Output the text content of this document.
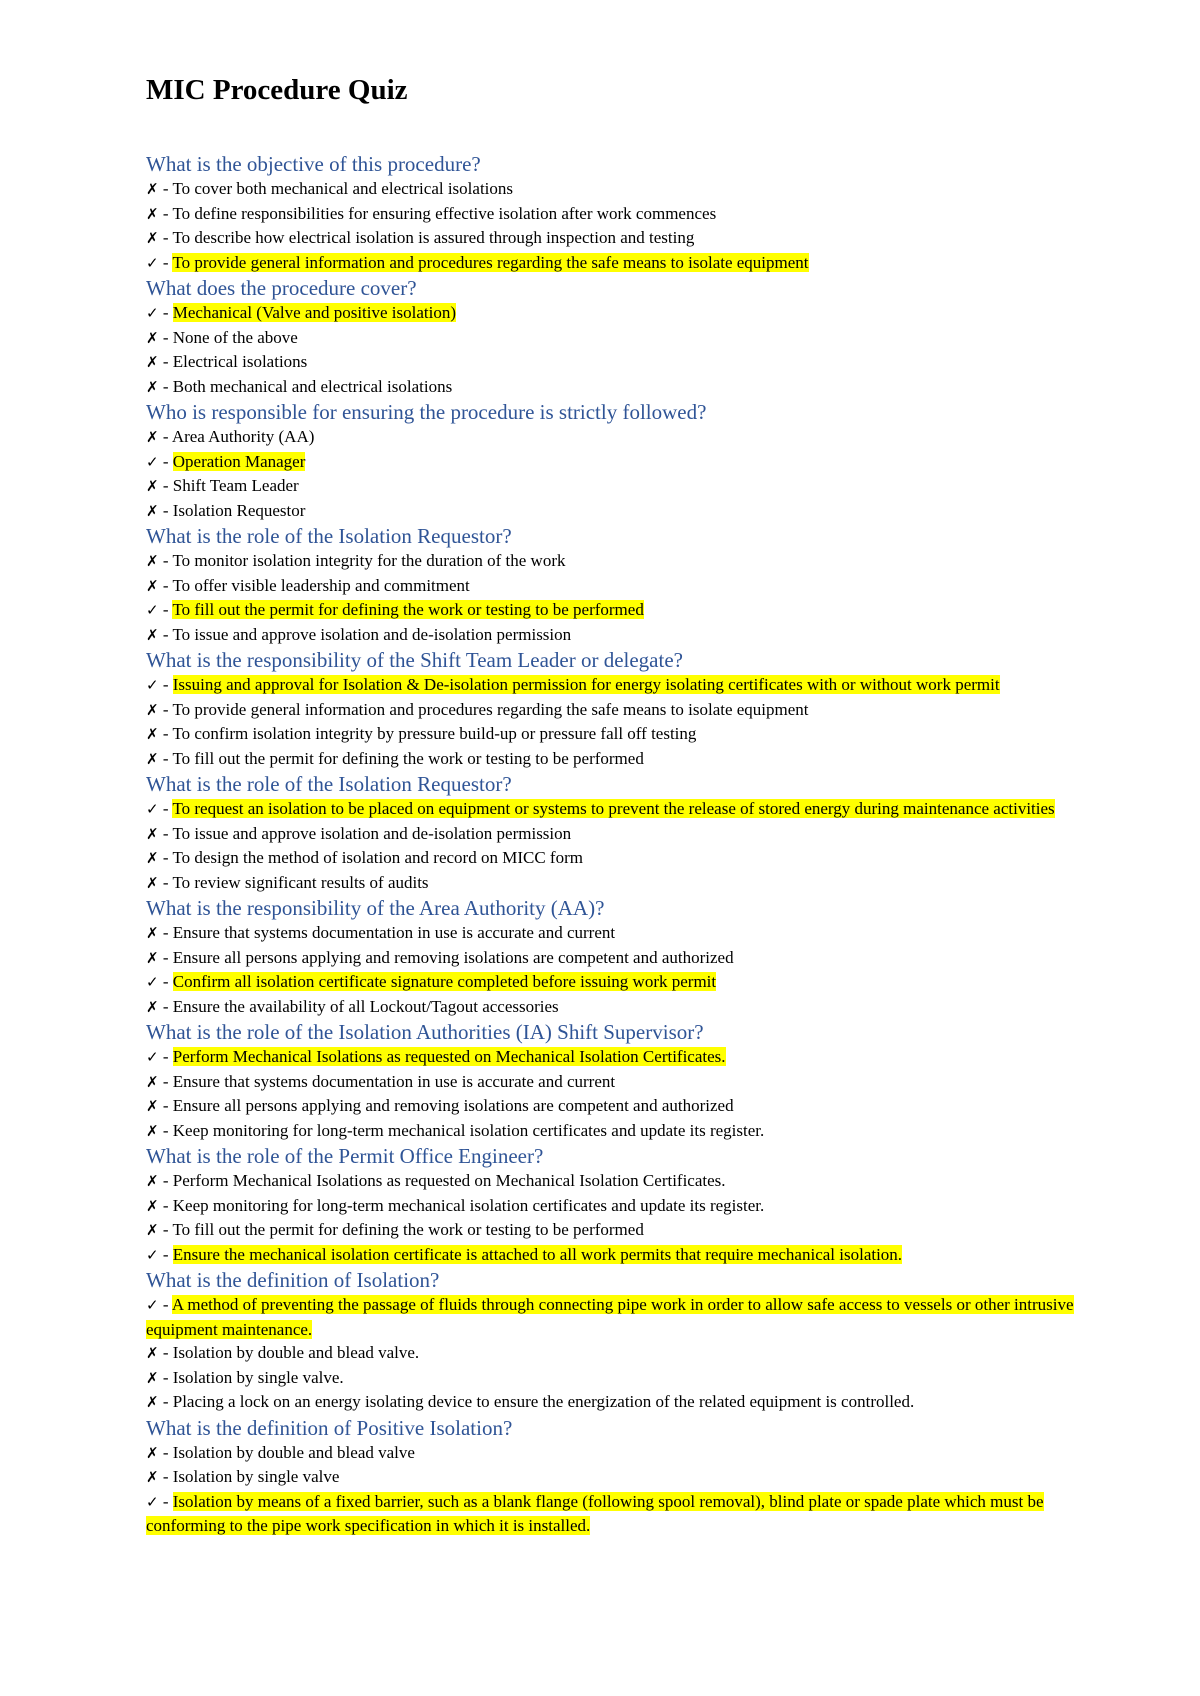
MIC Procedure Quiz
What is the objective of this procedure?
✗ - To cover both mechanical and electrical isolations
✗ - To define responsibilities for ensuring effective isolation after work commences
✗ - To describe how electrical isolation is assured through inspection and testing
✓ - To provide general information and procedures regarding the safe means to isolate equipment
What does the procedure cover?
✓ - Mechanical (Valve and positive isolation)
✗ - None of the above
✗ - Electrical isolations
✗ - Both mechanical and electrical isolations
Who is responsible for ensuring the procedure is strictly followed?
✗ - Area Authority (AA)
✓ - Operation Manager
✗ - Shift Team Leader
✗ - Isolation Requestor
What is the role of the Isolation Requestor?
✗ - To monitor isolation integrity for the duration of the work
✗ - To offer visible leadership and commitment
✓ - To fill out the permit for defining the work or testing to be performed
✗ - To issue and approve isolation and de-isolation permission
What is the responsibility of the Shift Team Leader or delegate?
✓ - Issuing and approval for Isolation & De-isolation permission for energy isolating certificates with or without work permit
✗ - To provide general information and procedures regarding the safe means to isolate equipment
✗ - To confirm isolation integrity by pressure build-up or pressure fall off testing
✗ - To fill out the permit for defining the work or testing to be performed
What is the role of the Isolation Requestor?
✓ - To request an isolation to be placed on equipment or systems to prevent the release of stored energy during maintenance activities
✗ - To issue and approve isolation and de-isolation permission
✗ - To design the method of isolation and record on MICC form
✗ - To review significant results of audits
What is the responsibility of the Area Authority (AA)?
✗ - Ensure that systems documentation in use is accurate and current
✗ - Ensure all persons applying and removing isolations are competent and authorized
✓ - Confirm all isolation certificate signature completed before issuing work permit
✗ - Ensure the availability of all Lockout/Tagout accessories
What is the role of the Isolation Authorities (IA) Shift Supervisor?
✓ - Perform Mechanical Isolations as requested on Mechanical Isolation Certificates.
✗ - Ensure that systems documentation in use is accurate and current
✗ - Ensure all persons applying and removing isolations are competent and authorized
✗ - Keep monitoring for long-term mechanical isolation certificates and update its register.
What is the role of the Permit Office Engineer?
✗ - Perform Mechanical Isolations as requested on Mechanical Isolation Certificates.
✗ - Keep monitoring for long-term mechanical isolation certificates and update its register.
✗ - To fill out the permit for defining the work or testing to be performed
✓ - Ensure the mechanical isolation certificate is attached to all work permits that require mechanical isolation.
What is the definition of Isolation?
✓ - A method of preventing the passage of fluids through connecting pipe work in order to allow safe access to vessels or other intrusive equipment maintenance.
✗ - Isolation by double and blead valve.
✗ - Isolation by single valve.
✗ - Placing a lock on an energy isolating device to ensure the energization of the related equipment is controlled.
What is the definition of Positive Isolation?
✗ - Isolation by double and blead valve
✗ - Isolation by single valve
✓ - Isolation by means of a fixed barrier, such as a blank flange (following spool removal), blind plate or spade plate which must be conforming to the pipe work specification in which it is installed.
